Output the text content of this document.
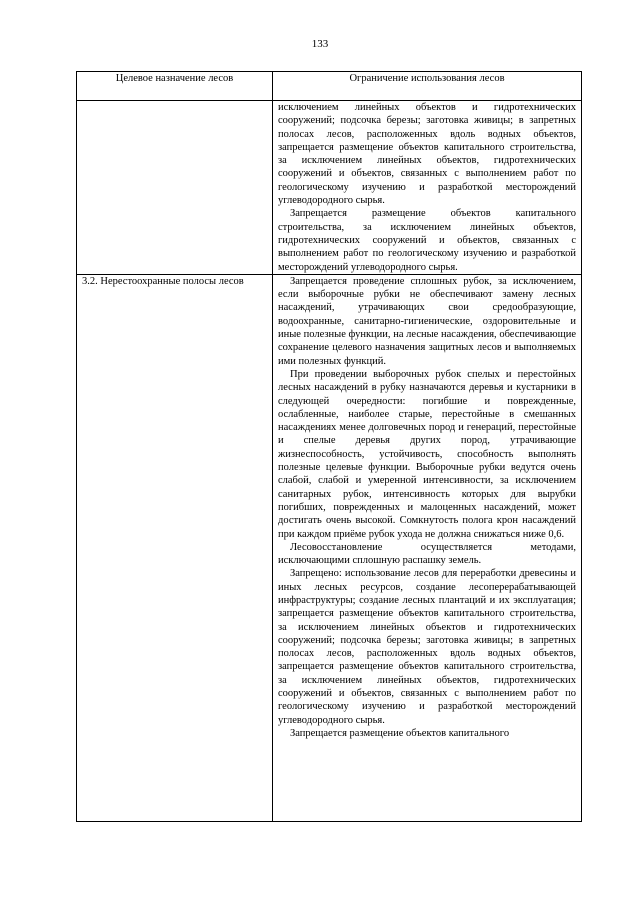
133
Целевое назначение лесов	Ограничение использования лесов

	исключением линейных объектов и гидротехнических сооружений; подсочка березы; заготовка живицы; в запретных полосах лесов, расположенных вдоль водных объектов, запрещается размещение объектов капитального строительства, за исключением линейных объектов, гидротехнических сооружений и объектов, связанных с выполнением работ по геологическому изучению и разработкой месторождений углеводородного сырья.

Запрещается размещение объектов капитального строительства, за исключением линейных объектов, гидротехнических сооружений и объектов, связанных с выполнением работ по геологическому изучению и разработкой месторождений углеводородного сырья.

3.2. Нерестоохранные полосы лесов	Запрещается проведение сплошных рубок, за исключением, если выборочные рубки не обеспечивают замену лесных насаждений, утрачивающих свои средообразующие, водоохранные, санитарно-гигиенические, оздоровительные и иные полезные функции, на лесные насаждения, обеспечивающие сохранение целевого назначения защитных лесов и выполняемых ими полезных функций.

При проведении выборочных рубок спелых и перестойных лесных насаждений в рубку назначаются деревья и кустарники в следующей очередности: погибшие и поврежденные, ослабленные, наиболее старые, перестойные в смешанных насаждениях менее долговечных пород и генераций, перестойные и спелые деревья других пород, утрачивающие жизнеспособность, устойчивость, способность выполнять полезные целевые функции. Выборочные рубки ведутся очень слабой, слабой и умеренной интенсивности, за исключением санитарных рубок, интенсивность которых для вырубки погибших, поврежденных и малоценных насаждений, может достигать очень высокой. Сомкнутость полога крон насаждений при каждом приёме рубок ухода не должна снижаться ниже 0,6.

Лесовосстановление осуществляется методами, исключающими сплошную распашку земель.

Запрещено: использование лесов для переработки древесины и иных лесных ресурсов, создание лесоперерабатывающей инфраструктуры; создание лесных плантаций и их эксплуатация; запрещается размещение объектов капитального строительства, за исключением линейных объектов и гидротехнических сооружений; подсочка березы; заготовка живицы; в запретных полосах лесов, расположенных вдоль водных объектов, запрещается размещение объектов капитального строительства, за исключением линейных объектов, гидротехнических сооружений и объектов, связанных с выполнением работ по геологическому изучению и разработкой месторождений углеводородного сырья.

Запрещается размещение объектов капитального
